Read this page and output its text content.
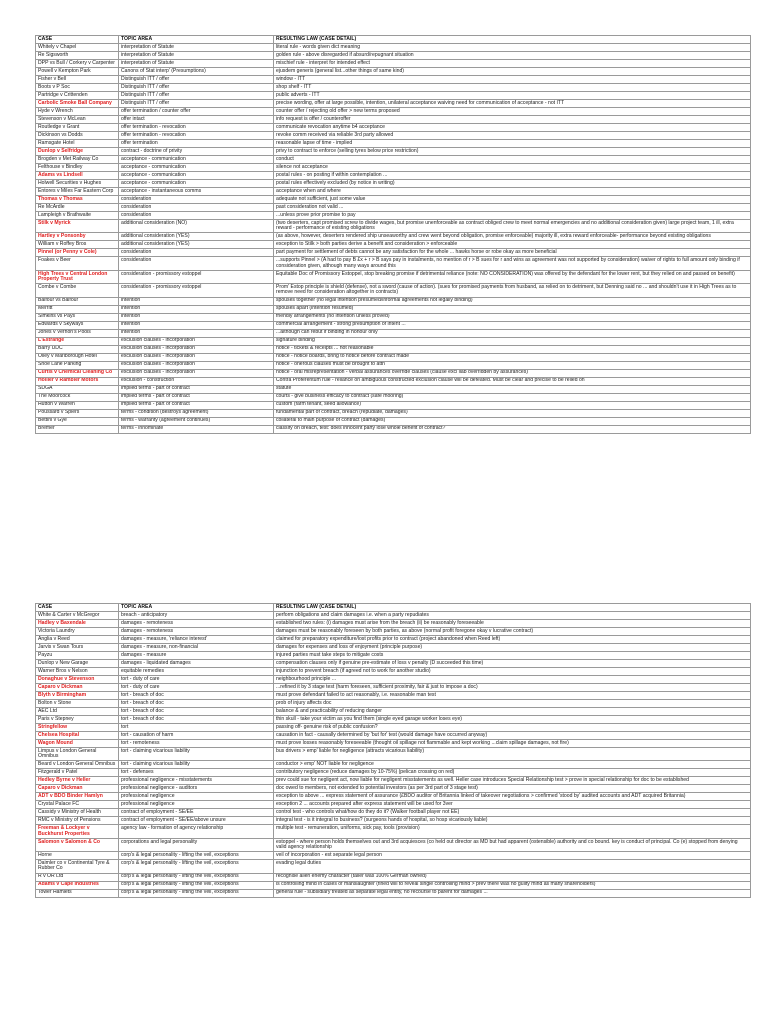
CASE	TOPIC AREA	RESULTING LAW (CASE DETAIL)
Whitely v Chapel	interpretation of Statute	literal rule - words given dict meaning
Re Sigsworth	interpretation of Statute	golden rule - above disregarded if absurd/repugnant situation
DPP vs Bull / Corkery v Carpenter	interpretation of Statute	mischief rule - interpret for intended effect
Powell v Kempton Park	Canons of Stat interp' (Presumptions)	ejusdem generis (general list...other things of same kind)
Fisher v Bell	Distinguish ITT / offer	window - ITT
Boots v P Soc	Distinguish ITT / offer	shop shelf - ITT
Partridge v Crittenden	Distinguish ITT / offer	public adverts - ITT
Carbolic Smoke Ball Company	Distinguish ITT / offer	precise wording, offer at large possible, intention, unilateral acceptance waiving need for communication of acceptance - not ITT
Hyde v Wrench	offer termination / counter offer	counter offer / rejecting old offer > new terms proposed
Stevenson v McLean	offer intact	info request is offer / counteroffer
Routledge v Grant	offer termination - revocation	communicate revocation anytime b4 acceptance
Dickinson vs Dodds	offer termination - revocation	revoke comm received via reliable 3rd party allowed
Ramsgate Hotel	offer termination	reasonable lapse of time - implied
Dunlop v Selfridge	contract - doctrine of privity	privy to contract to enforce (selling tyres below price restriction)
Brogden v Met Railway Co	acceptance - communication	conduct
Felthouse v Bindley	acceptance - communication	silence not acceptance
Adams vs Lindsell	acceptance - communication	postal rules - on posting if within contemplation ...
Holwell Securities v Hughes	acceptance - communication	postal rules effectively excluded (by notice in writing)
Entores v Miles Far Eastern Corp	acceptance - instantaneous comms	acceptance when and where
Thomas v Thomas	consideration	adequate not sufficient, just some value
Re McArdle	consideration	past consideration not valid ...
Lampleigh v Brathwaite	consideration	...unless prove prior promise to pay
Stilk v Myrick	additional consideration (NO)	(two deserters, capt promised screw to divide wages, but promise unenforceable as contract obliged crew to meet normal emergencies and no additional consideration given) large project team, 1 ill, extra reward - performance of existing obligations
Hartley v Ponsonby	additional consideration (YES)	(as above, however, deserters rendered ship unseaworthy and crew went beyond obligation, promise enforceable) majority ill, extra reward enforceable- performance beyond existing obligations
William v Roffey Bros	additional consideration (YES)	exception to Stilk > both parties derive a benefit and consideration > enforceable
Pinnel (or Penny v Cole)	consideration	part payment for settlement of debts cannot be any satisfaction for the whole ... hawks horse or robe okay as more beneficial
Foakes v Beer	consideration	...supports Pinnel > (A had to pay B £x + r > B says pay in instalments, no mention of r > B sues for r and wins as agreement was not supported by consideration) waiver of rights to full amount only binding if consideration given, although many ways around this
High Trees v Central London Property Trust	consideration - promissory estoppel	Equitable Doc of Promissory Estoppel, stop breaking promise if detrimental reliance (note: NO CONSIDERATION) was offered by the defendant for the lower rent, but they relied on and passed on benefit)
Combe v Combe	consideration - promissory estoppel	Prom' Estop principle is shield (defense), not a sword (cause of action). (sues for promised payments from husband, as relied on to detriment, but Denning said no ... and shouldn't use it in High Trees as to remove need for consideration altogether in contracts)
Balfour vs Balfour	intention	spouses together (no legal intention presumed/informal agreements not legally binding)
Merritt	intention	spouses apart (intention resumed)
Simkins vs Pays	intention	friendly arrangements (no intention unless proved)
Edwards v Skyways	intention	commercial arrangement - strong presumption of intent ...
Jones v Vernon's Pools	intention	...although can rebut if binding in honour only
L'Estrange	exclusion clauses - incorporation	signature binding
Barry UDC	exclusion clauses - incorporation	notice - tickets & receipts ... not reasonable
Olley v Marlborough Hotel	exclusion clauses - incorporation	notice - notice boards, bring to notice before contract made
Shoe Lane Parking	exclusion clauses - incorporation	notice - onerous clauses must be brought to attn
Curtis v Chemical Cleaning Co	exclusion clauses - incorporation	notice - oral misrepresentation - verbal assurances override clauses (clause excl liab overridden by assurances)
Hollier v Rambler Motors	exclusion - construction	Contra Proferentum rule - reliance on ambiguous constructed exclusion clause will be defeated. Must be clear and precise to be relied on
SDGA	implied terms - part of contract	statute
The Moorcock	implied terms - part of contract	courts - give business efficacy to contract (safe mooring)
Hutton v Warren	implied terms - part of contract	custom (farm tenant, seed allowance)
Poussard v Spiers	terms - condition (destroys agreement)	fundamental part of contract, breach (repudiate, damages)
Bettini v Gye	terms - warranty (agreement continues)	collateral to main purpose of contract (damages)
Bremer	terms - innominate	classify on breach, test: does innocent party lose whole benefit of contract?
CASE	TOPIC AREA	RESULTING LAW (CASE DETAIL)
White & Carter v McGregor	breach - anticipatory	perform obligations and claim damages i.e. when a party repudiates
Hadley v Baxendale	damages - remoteness	established two rules: (i) damages must arise from the breach (ii) be reasonably foreseeable
Victoria Laundry	damages - remoteness	damages must be reasonably foreseen by both parties, as above (normal profit foregone okay v lucrative contract)
Anglia v Reed	damages - measure, 'reliance interest'	claimed for preparatory expenditure/lost profits prior to contract (project abandoned when Reed left)
Jarvis v Swan Tours	damages - measure, non-financial	damages for expenses and loss of enjoyment (principle purpose)
Payzu	damages - measure	injured parties must take steps to mitigate costs
Dunlop v New Garage	damages - liquidated damages	compensation clauses only if genuine pre-estimate of loss v penalty (D succeeded this time)
Warner Bros v Nelson	equitable remedies	injunction to prevent breach (if agreed not to work for another studio)
Donaghue v Stevenson	tort - duty of care	neighbourhood principle ...
Caparo v Dickman	tort - duty of care	...refined it by 3 stage test (harm foreseen, sufficient proximity, fair & just to impose a doc)
Blyth v Birmingham	tort - breach of doc	must prove defendant failed to act reasonably, i.e. reasonable man test
Bolton v Stone	tort - breach of doc	prob of injury affects doc
AEC Ltd	tort - breach of doc	balance & and practicability of reducing danger
Paris v Stepney	tort - breach of doc	thin skull - take your victim as you find them (single eyed garage worker loses eye)
Stringfellow	tort	passing off- genuine risk of public confusion?
Chelsea Hospital	tort - causation of harm	causation in fact - causally determined by 'but for' test (would damage have occurred anyway)
Wagon Mound	tort - remoteness	must prove losses reasonably foreseeable (thought oil spillage not flammable and kept working ...claim spillage damages, not fire)
Limpus v London General Omnibus	tort - claiming vicarious liability	bus drivers > emp' liable for negligence (attracts vicarious liability)
Beard v London General Omnibus	tort - claiming vicarious liability	conductor > emp' NOT liable for negligence
Fitzgerald v Patel	tort - defenses	contributory negligence (reduce damages by 10-75%) (pelican crossing on red)
Hedley Byrne v Heller	professional negligence - misstatements	prev could sue for negligent act, now liable for negligent misstatements as well. Heller case introduces Special Relationship test > prove in special relationship for doc to be established
Caparo v Dickman	professional negligence - auditors	doc owed to members, not extended to potential investors (as per 3rd part of 3 stage test)
ADT v BDO Binder Hamlyn	professional negligence	exception to above ... express statement of assurance (£BDO auditor of Britannia linked of takeover negotiations > confirmed 'stood by' audited accounts and ADT acquired Britannia)
Crystal Palace FC	professional negligence	exception 2 ... accounts prepared after express statement will be used for 3ver
Cassidy v Ministry of Health	contract of employment - SE/EE	control test - who controls what/how do they do it? (Walker football player not EE)
RMC v Ministry of Pensions	contract of employment - SE/EE/above unsure	integral test - is it integral to business? (surgeons hands of hospital, so hosp vicariously liable)
Freeman & Lockyer v Buckhurst Properties	agency law - formation of agency relationship	multiple test - remuneration, uniforms, sick pay, tools (provision)
Salomon v Salomon & Co	corporations and legal personality	estoppel - where person holds themselves out and 3rd acquiesces (co held out director as MD but had apparent (ostensible) authority and co bound. key is conduct of principal. Co (e) stopped from denying valid agency relationship
Horne	corp's & legal personality - lifting the veil, exceptions	veil of incorporation - est separate legal person
Daimler co v Continental Tyre & Rubber Co	corp's & legal personality - lifting the veil, exceptions	evading legal duties
R v OR Ltd	corp's & legal personality - lifting the veil, exceptions	recognise alien enemy character (tailer was 100% German owned)
Adams v Cape Industries	corp's & legal personality - lifting the veil, exceptions	is controlling mind in cases of manslaughter (fined will to reveal single controlling mind > prev there was no guilty mind as many shareholders)
Tower Hamlets	corp's & legal personality - lifting the veil, exceptions	general rule - subsidiary treated as separate legal entity, no recourse to parent for damages ...
